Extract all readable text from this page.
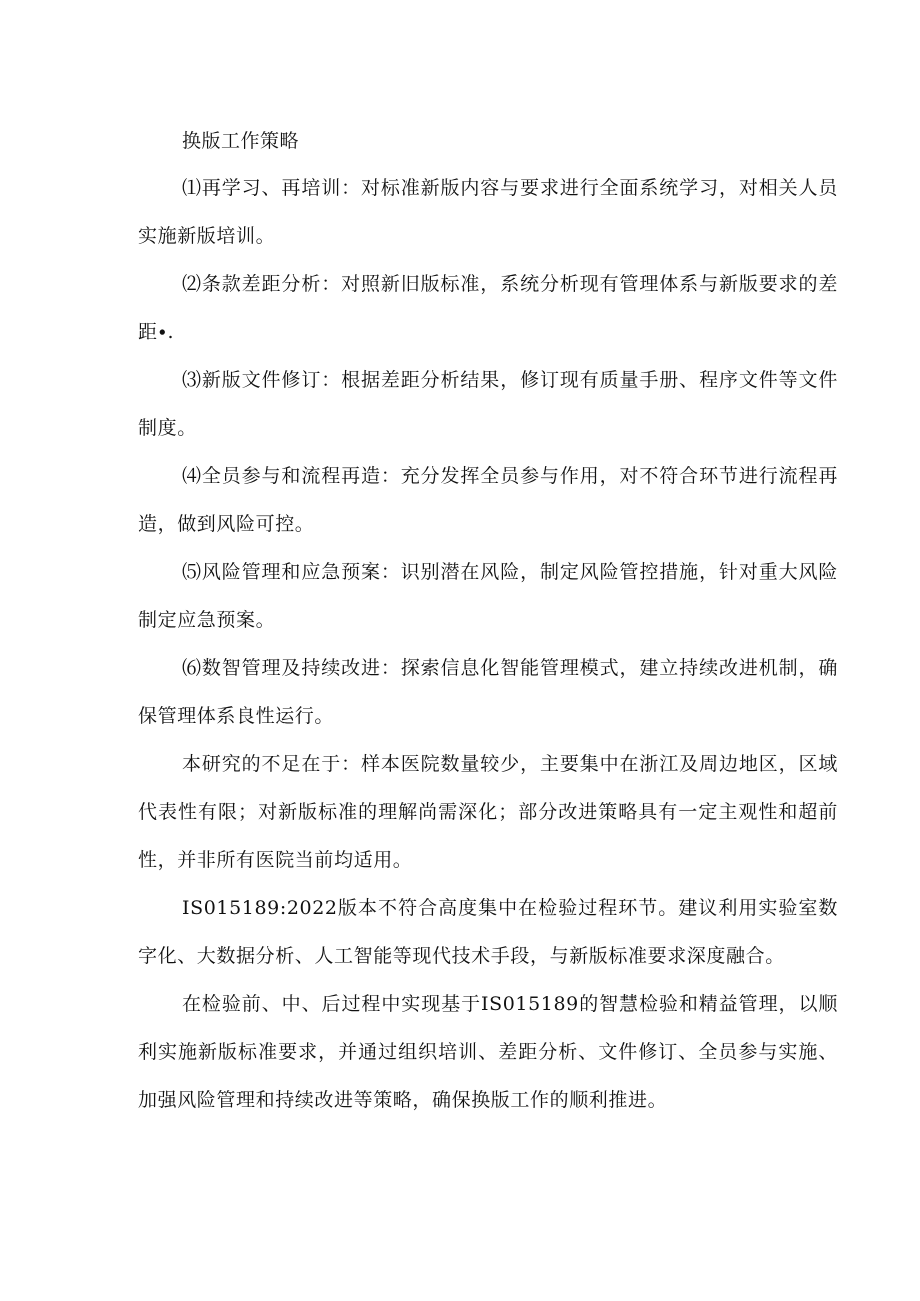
换版工作策略

⑴再学习、再培训：对标准新版内容与要求进行全面系统学习，对相关人员实施新版培训。

⑵条款差距分析：对照新旧版标准，系统分析现有管理体系与新版要求的差距∙.

⑶新版文件修订：根据差距分析结果，修订现有质量手册、程序文件等文件制度。

⑷全员参与和流程再造：充分发挥全员参与作用，对不符合环节进行流程再造，做到风险可控。

⑸风险管理和应急预案：识别潜在风险，制定风险管控措施，针对重大风险制定应急预案。

⑹数智管理及持续改进：探索信息化智能管理模式，建立持续改进机制，确保管理体系良性运行。

本研究的不足在于：样本医院数量较少，主要集中在浙江及周边地区，区域代表性有限；对新版标准的理解尚需深化；部分改进策略具有一定主观性和超前性，并非所有医院当前均适用。

IS015189:2022版本不符合高度集中在检验过程环节。建议利用实验室数字化、大数据分析、人工智能等现代技术手段，与新版标准要求深度融合。

在检验前、中、后过程中实现基于IS015189的智慧检验和精益管理，以顺利实施新版标准要求，并通过组织培训、差距分析、文件修订、全员参与实施、加强风险管理和持续改进等策略，确保换版工作的顺利推进。
